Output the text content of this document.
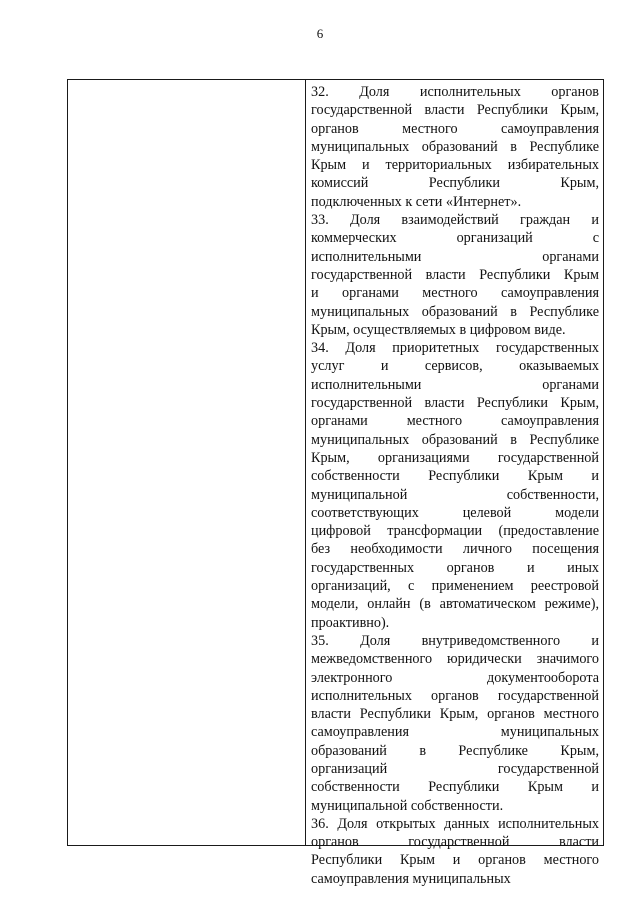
6

32. Доля исполнительных органов

государственной власти Республики Крым,

органов местного самоуправления

муниципальных образований в Республике

Крым и территориальных избирательных

комиссий Республики Крым,

подключенных к сети «Интернет».

33. Доля взаимодействий граждан и

коммерческих организаций с

исполнительными органами

государственной власти Республики Крым

и органами местного самоуправления

муниципальных образований в Республике

Крым, осуществляемых в цифровом виде.

34. Доля приоритетных государственных

услуг и сервисов, оказываемых

исполнительными органами

государственной власти Республики Крым,

органами местного самоуправления

муниципальных образований в Республике

Крым, организациями государственной

собственности Республики Крым и

муниципальной собственности,

соответствующих целевой модели

цифровой трансформации (предоставление

без необходимости личного посещения

государственных органов и иных

организаций, с применением реестровой

модели, онлайн (в автоматическом режиме),

проактивно).

35. Доля внутриведомственного и

межведомственного юридически значимого

электронного документооборота

исполнительных органов государственной

власти Республики Крым, органов местного

самоуправления муниципальных

образований в Республике Крым,

организаций государственной

собственности Республики Крым и

муниципальной собственности.

36. Доля открытых данных исполнительных

органов государственной власти

Республики Крым и органов местного

самоуправления муниципальных
